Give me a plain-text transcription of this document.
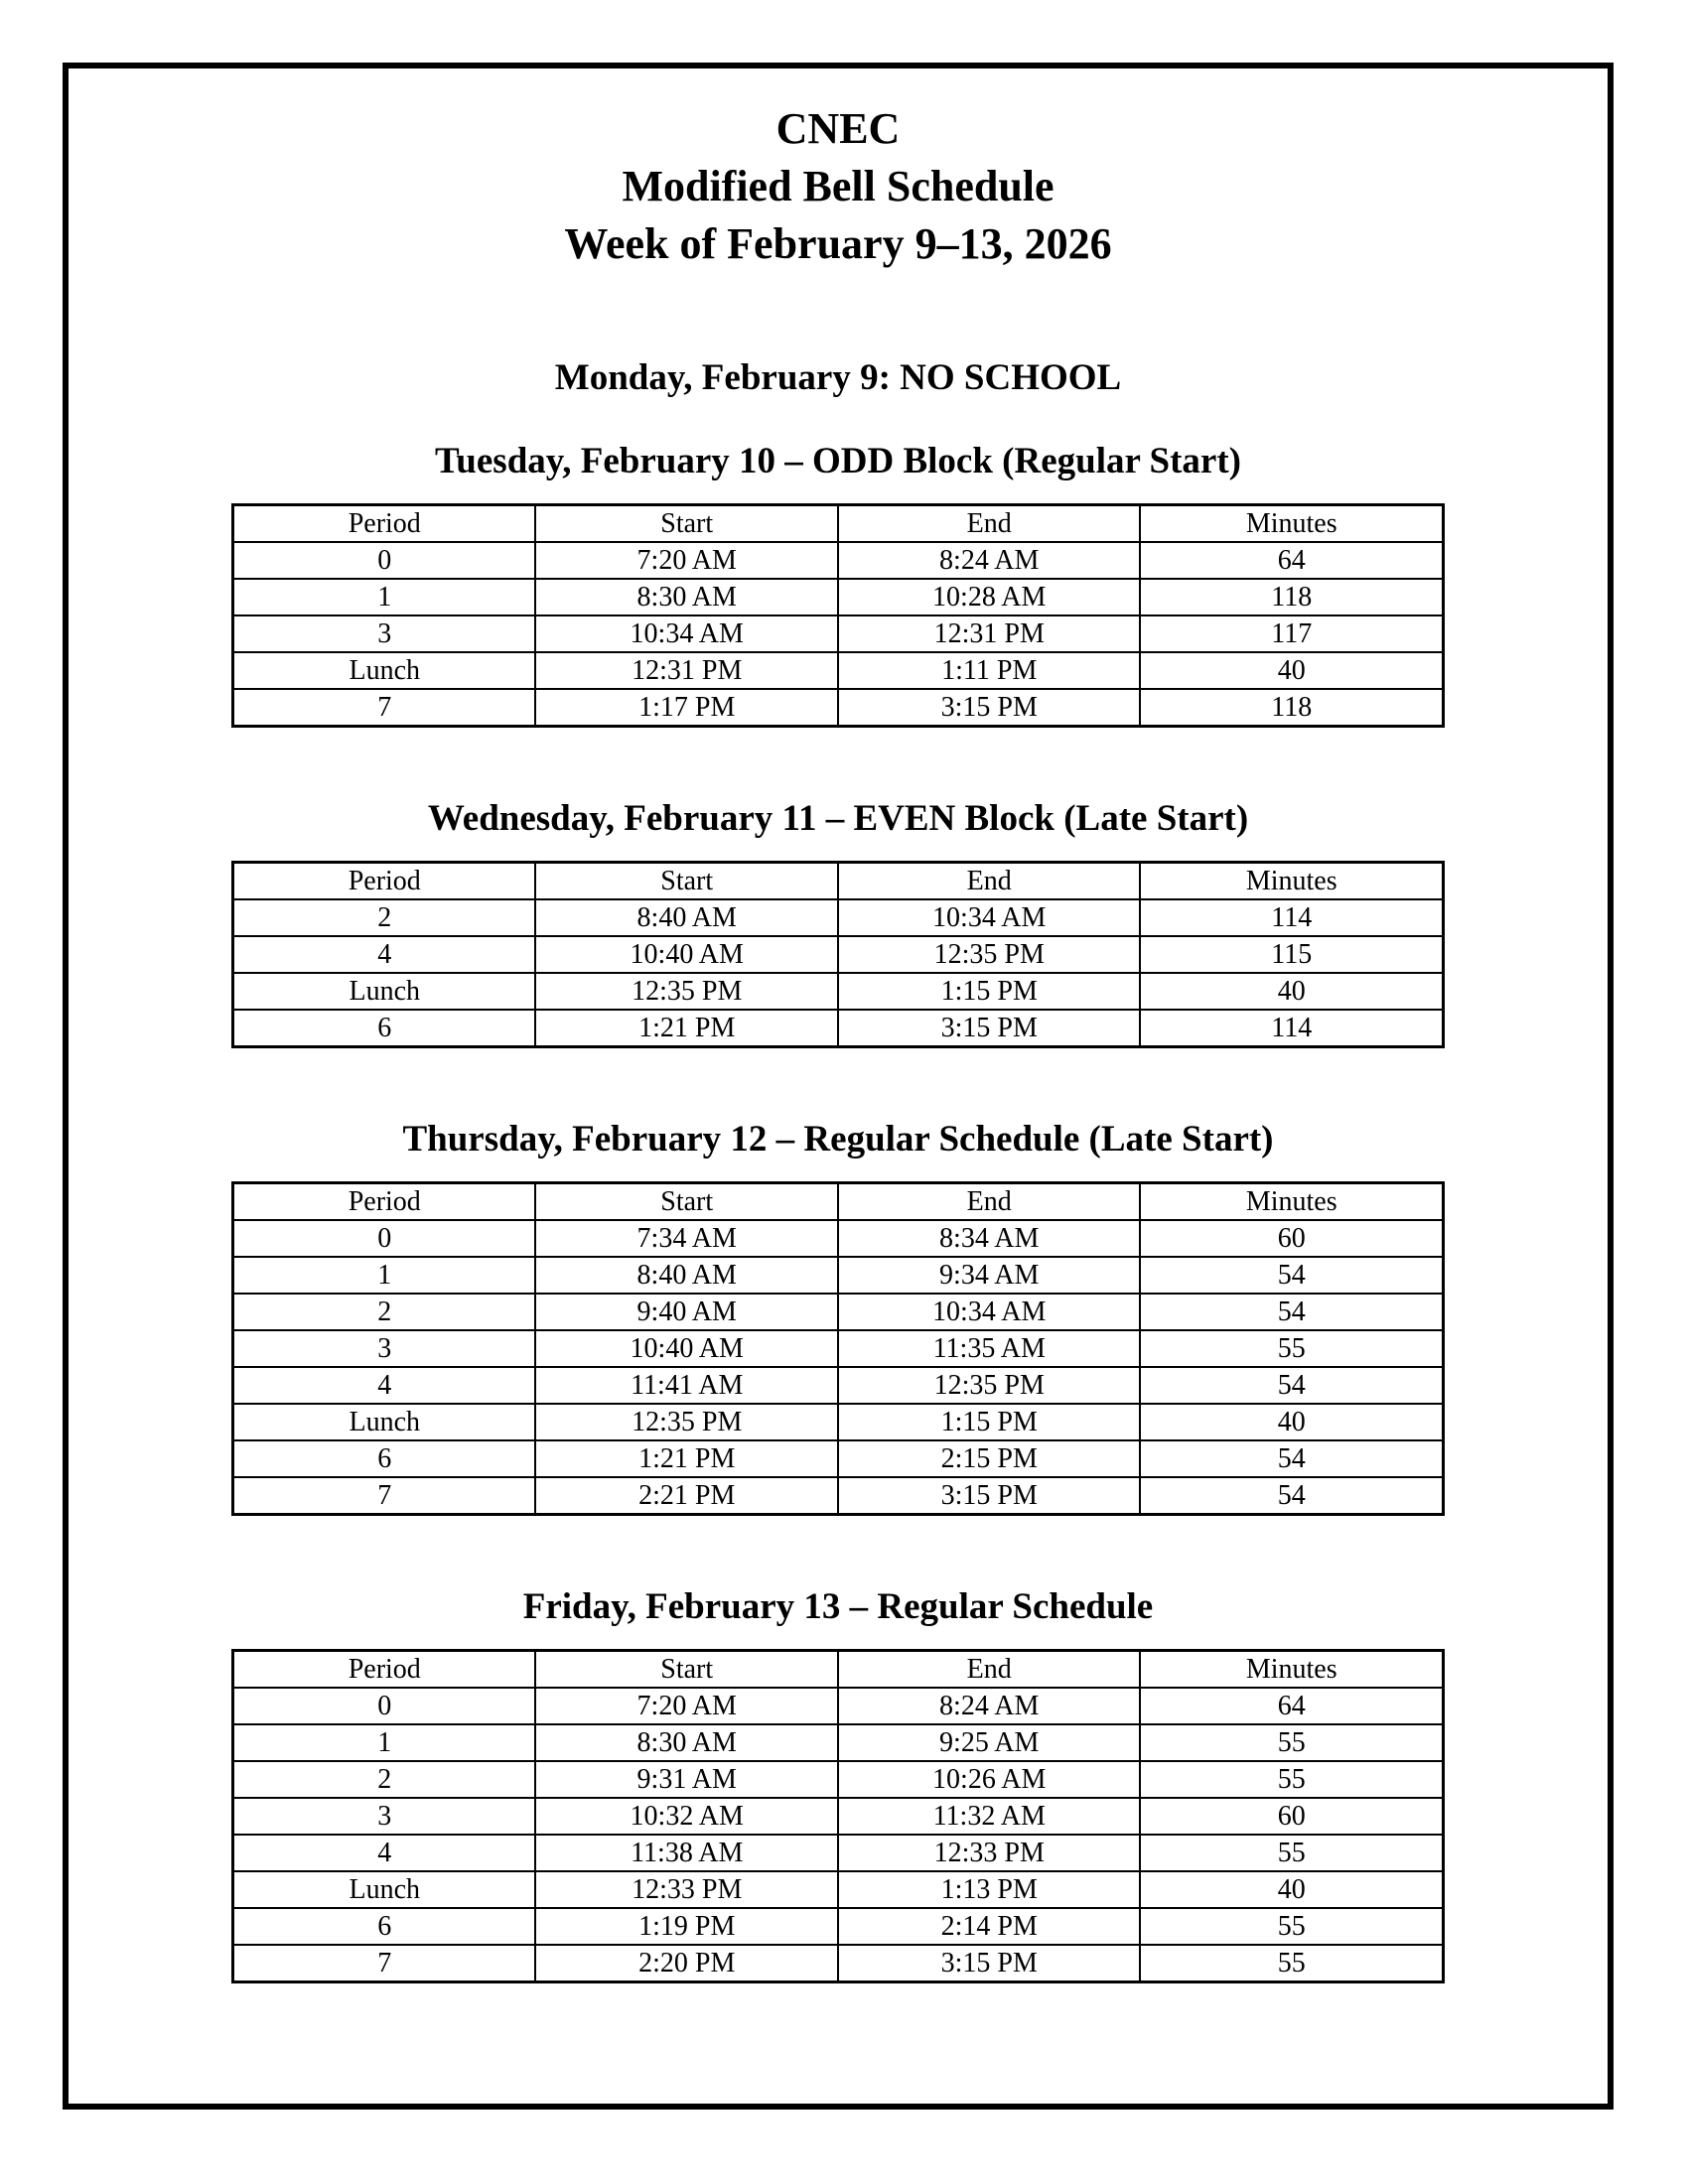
CNEC
Modified Bell Schedule
Week of February 9–13, 2026
Monday, February 9: NO SCHOOL
Tuesday, February 10 – ODD Block (Regular Start)
Period	Start	End	Minutes
0	7:20 AM	8:24 AM	64
1	8:30 AM	10:28 AM	118
3	10:34 AM	12:31 PM	117
Lunch	12:31 PM	1:11 PM	40
7	1:17 PM	3:15 PM	118
Wednesday, February 11 – EVEN Block (Late Start)
Period	Start	End	Minutes
2	8:40 AM	10:34 AM	114
4	10:40 AM	12:35 PM	115
Lunch	12:35 PM	1:15 PM	40
6	1:21 PM	3:15 PM	114
Thursday, February 12 – Regular Schedule (Late Start)
Period	Start	End	Minutes
0	7:34 AM	8:34 AM	60
1	8:40 AM	9:34 AM	54
2	9:40 AM	10:34 AM	54
3	10:40 AM	11:35 AM	55
4	11:41 AM	12:35 PM	54
Lunch	12:35 PM	1:15 PM	40
6	1:21 PM	2:15 PM	54
7	2:21 PM	3:15 PM	54
Friday, February 13 – Regular Schedule
Period	Start	End	Minutes
0	7:20 AM	8:24 AM	64
1	8:30 AM	9:25 AM	55
2	9:31 AM	10:26 AM	55
3	10:32 AM	11:32 AM	60
4	11:38 AM	12:33 PM	55
Lunch	12:33 PM	1:13 PM	40
6	1:19 PM	2:14 PM	55
7	2:20 PM	3:15 PM	55
